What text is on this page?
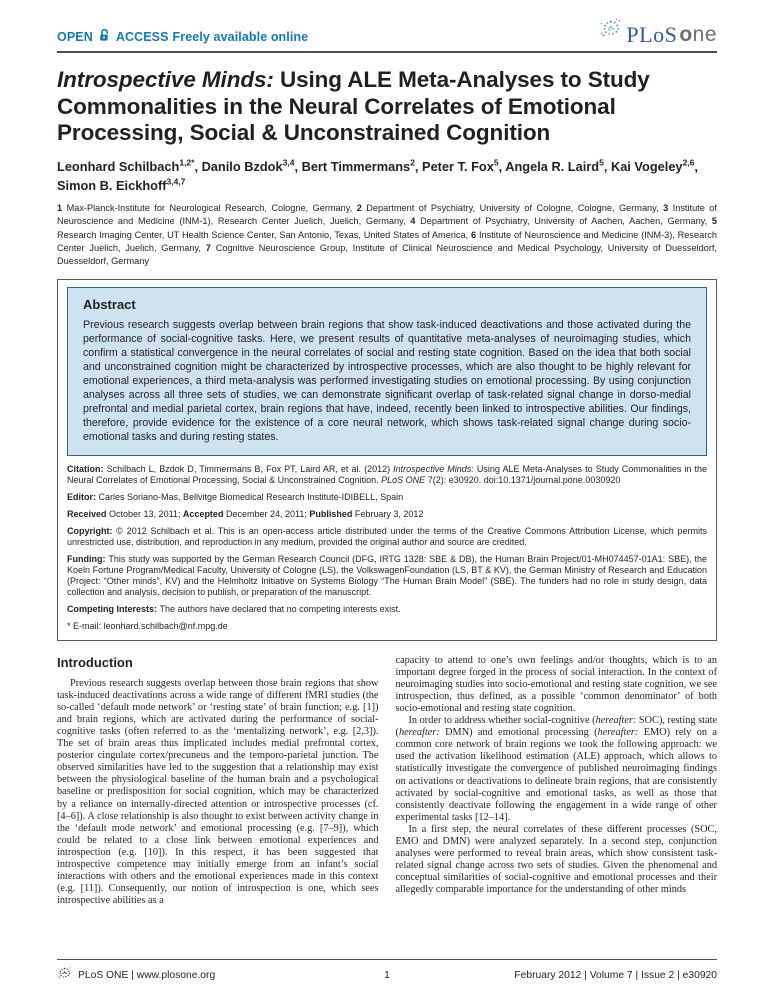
OPEN ACCESS Freely available online	PLoS one
Introspective Minds: Using ALE Meta-Analyses to Study Commonalities in the Neural Correlates of Emotional Processing, Social & Unconstrained Cognition
Leonhard Schilbach$^{1,2*}$, Danilo Bzdok$^{3,4}$, Bert Timmermans$^2$, Peter T. Fox$^5$, Angela R. Laird$^5$, Kai Vogeley$^{2,6}$, Simon B. Eickhoff$^{3,4,7}$
1 Max-Planck-Institute for Neurological Research, Cologne, Germany, 2 Department of Psychiatry, University of Cologne, Cologne, Germany, 3 Institute of Neuroscience and Medicine (INM-1), Research Center Juelich, Juelich, Germany, 4 Department of Psychiatry, University of Aachen, Aachen, Germany, 5 Research Imaging Center, UT Health Science Center, San Antonio, Texas, United States of America, 6 Institute of Neuroscience and Medicine (INM-3), Research Center Juelich, Juelich, Germany, 7 Cognitive Neuroscience Group, Institute of Clinical Neuroscience and Medical Psychology, University of Duesseldorf, Duesseldorf, Germany
Abstract

Previous research suggests overlap between brain regions that show task-induced deactivations and those activated during the performance of social-cognitive tasks. Here, we present results of quantitative meta-analyses of neuroimaging studies, which confirm a statistical convergence in the neural correlates of social and resting state cognition. Based on the idea that both social and unconstrained cognition might be characterized by introspective processes, which are also thought to be highly relevant for emotional experiences, a third meta-analysis was performed investigating studies on emotional processing. By using conjunction analyses across all three sets of studies, we can demonstrate significant overlap of task-related signal change in dorso-medial prefrontal and medial parietal cortex, brain regions that have, indeed, recently been linked to introspective abilities. Our findings, therefore, provide evidence for the existence of a core neural network, which shows task-related signal change during socio-emotional tasks and during resting states.

Citation: Schilbach L, Bzdok D, Timmermans B, Fox PT, Laird AR, et al. (2012) Introspective Minds: Using ALE Meta-Analyses to Study Commonalities in the Neural Correlates of Emotional Processing, Social & Unconstrained Cognition. PLoS ONE 7(2): e30920. doi:10.1371/journal.pone.0030920

Editor: Carles Soriano-Mas, Bellvitge Biomedical Research Institute-IDIBELL, Spain

Received October 13, 2011; Accepted December 24, 2011; Published February 3, 2012

Copyright: © 2012 Schilbach et al. This is an open-access article distributed under the terms of the Creative Commons Attribution License, which permits unrestricted use, distribution, and reproduction in any medium, provided the original author and source are credited.

Funding: This study was supported by the German Research Council (DFG, IRTG 1328: SBE & DB), the Human Brain Project/01-MH074457-01A1: SBE), the Koeln Fortune Program/Medical Faculty, University of Cologne (LS), the VolkswagenFoundation (LS, BT & KV), the German Ministry of Research and Education (Project: “Other minds”, KV) and the Helmholtz Initiative on Systems Biology “The Human Brain Model” (SBE). The funders had no role in study design, data collection and analysis, decision to publish, or preparation of the manuscript.

Competing Interests: The authors have declared that no competing interests exist.

* E-mail: leonhard.schilbach@nf.mpg.de

Introduction

Previous research suggests overlap between those brain regions that show task-induced deactivations across a wide range of different fMRI studies (the so-called ‘default mode network’ or ‘resting state’ of brain function; e.g. [1]) and brain regions, which are activated during the performance of social-cognitive tasks (often referred to as the ‘mentalizing network’, e.g. [2,3]). The set of brain areas thus implicated includes medial prefrontal cortex, posterior cingulate cortex/precuneus and the temporo-parietal junction. The observed similarities have led to the suggestion that a relationship may exist between the physiological baseline of the human brain and a psychological baseline or predisposition for social cognition, which may be characterized by a reliance on internally-directed attention or introspective processes (cf. [4–6]). A close relationship is also thought to exist between activity change in the ‘default mode network’ and emotional processing (e.g. [7–9]), which could be related to a close link between emotional experiences and introspection (e.g. [10]). In this respect, it has been suggested that introspective competence may initially emerge from an infant’s social interactions with others and the emotional experiences made in this context (e.g. [11]). Consequently, our notion of introspection is one, which sees introspective abilities as a

capacity to attend to one’s own feelings and/or thoughts, which is to an important degree forged in the process of social interaction. In the context of neuroimaging studies into socio-emotional and resting state cognition, we see introspection, thus defined, as a possible ‘common denominator’ of both socio-emotional and resting state cognition.

In order to address whether social-cognitive (hereafter: SOC), resting state (hereafter: DMN) and emotional processing (hereafter: EMO) rely on a common core network of brain regions we took the following approach: we used the activation likelihood estimation (ALE) approach, which allows to statistically investigate the convergence of published neuroimaging findings on activations or deactivations to delineate brain regions, that are consistently activated by social-cognitive and emotional tasks, as well as those that consistently deactivate following the engagement in a wide range of other experimental tasks [12–14].

In a first step, the neural correlates of these different processes (SOC, EMO and DMN) were analyzed separately. In a second step, conjunction analyses were performed to reveal brain areas, which show consistent task-related signal change across two sets of studies. Given the phenomenal and conceptual similarities of social-cognitive and emotional processes and their allegedly comparable importance for the understanding of other minds

PLoS ONE | www.plosone.org	1	February 2012 | Volume 7 | Issue 2 | e30920
